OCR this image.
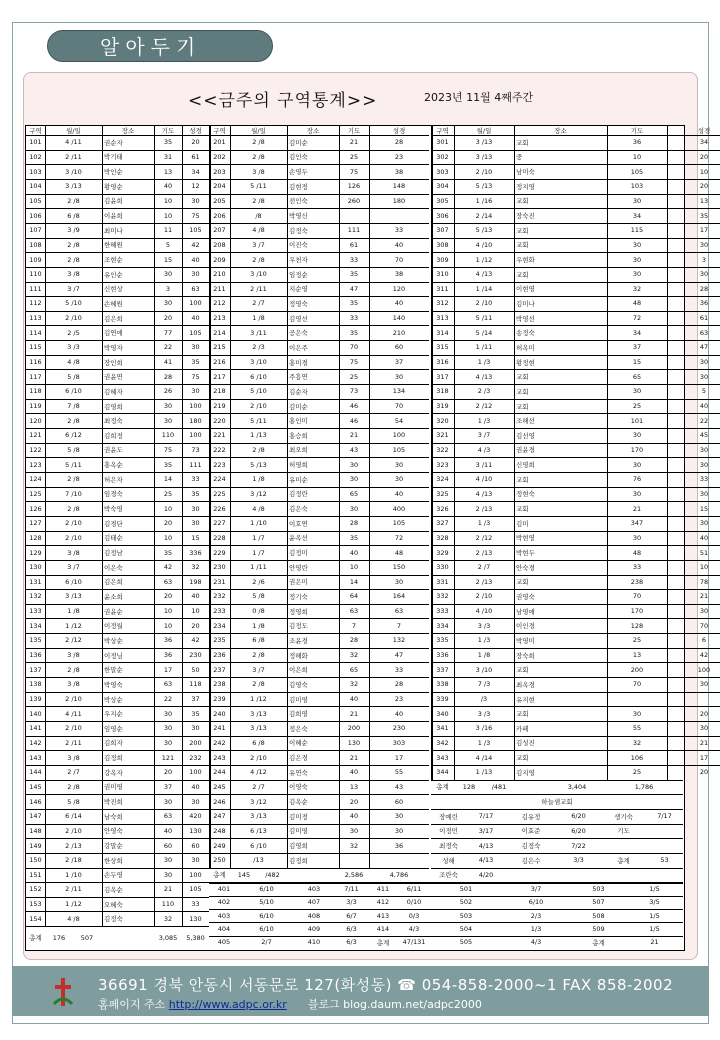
알아두기
<<금주의 구역통계>>	2023년 11월 4째주간
구역	월/일	장소	기도	성경	구역	월/일	장소	기도	성경	구역	월/일	장소	기도	성경
101	4 /11	권순자	35	20
102	2 /11	박기태	31	61
103	3 /10	박인순	13	34
104	3 /13	황영순	40	12
105	2 /8	김윤희	10	30
106	6 /8	이윤희	10	75
107	3 /9	최미나	11	105
108	2 /8	한혜원	5	42
109	2 /8	조현순	15	40
110	3 /8	유인순	30	30
111	3 /7	신현상	3	63
112	5 /10	손혜원	30	100
113	2 /10	김은희	20	40
114	2 /5	김연애	77	105
115	3 /3	박영자	22	30
116	4 /8	장인희	41	35
117	5 /8	권윤연	28	75
118	6 /10	김혜자	26	30
119	7 /8	김영희	30	100
120	2 /8	최정숙	30	180
121	6 /12	김희정	110	100
122	5 /8	권윤도	75	73
123	5 /11	홍옥순	35	111
124	2 /8	허은자	14	33
125	7 /10	임경숙	25	35
126	2 /8	박숙영	10	30
127	2 /10	김경단	20	30
128	2 /10	김태순	10	15
129	3 /8	김정남	35	336
130	3 /7	이은숙	42	32
131	6 /10	김은희	63	198
132	3 /13	윤소희	20	40
133	1 /8	권윤순	10	10
134	1 /12	이정월	10	20
135	2 /12	박상순	36	42
136	3 /8	이정님	36	230
137	2 /8	한말순	17	50
138	3 /8	박영숙	63	118
139	2 /10	박상순	22	37
140	4 /11	우지순	30	35
141	2 /10	임영순	30	30
142	2 /11	김희자	30	200
143	3 /8	김정희	121	232
144	2 /7	강옥자	20	100
145	2 /8	권미영	37	40
146	5 /8	박진희	30	30
147	6 /14	남숙희	63	420
148	2 /10	안영숙	40	130
149	2 /13	강말순	60	60
150	2 /18	한상희	30	30
151	1 /10	손두영	30	100
152	2 /11	김옥순	21	105
153	1 /12	오혜숙	110	33
154	4 /8	김정숙	32	130
201	2 /8	김미순	21	28
202	2 /8	김인숙	25	23
203	3 /8	손영두	75	38
204	5 /11	김현정	126	148
205	2 /8	전인숙	260	180
206	/8	박영신
207	4 /8	김정숙	111	33
208	3 /7	이진숙	61	40
209	2 /8	우천자	33	70
210	3 /10	임정순	35	38
211	2 /11	지순영	47	120
212	2 /7	정영숙	35	40
213	1 /8	김영선	33	140
214	3 /11	공은숙	35	210
215	2 /3	이은주	70	60
216	3 /10	홍미경	75	37
217	6 /10	주흥연	25	30
218	5 /10	김순자	73	134
219	2 /10	김미순	46	70
220	5 /11	홍인미	46	54
221	1 /13	홍승희	21	100
222	2 /8	최오희	43	105
223	5 /13	허영희	30	30
224	1 /8	유미순	30	30
225	3 /12	김정란	65	40
226	4 /8	김은숙	30	400
227	1 /10	이호연	28	105
228	1 /7	윤옥선	35	72
229	1 /7	김정미	40	48
230	1 /11	안영란	10	150
231	2 /6	권은미	14	30
232	5 /8	정기숙	64	164
233	0 /8	정영희	63	63
234	1 /8	김정도	7	7
235	6 /8	조윤경	28	132
236	2 /8	정해화	32	47
237	3 /7	이은희	65	33
238	2 /8	김영숙	32	28
239	1 /12	김미영	40	23
240	3 /13	김희영	21	40
241	3 /13	정은숙	200	230
242	6 /8	이혜순	130	303
243	2 /10	김은경	21	17
244	4 /12	유연숙	40	55
245	2 /7	이영숙	13	43
246	3 /12	김옥순	20	60
247	3 /13	김미정	40	30
248	6 /13	김미영	30	30
249	6 /10	김영희	32	36
250	/13	김정희
301	3 /13	교회	36	34
302	3 /13	중	10	20
303	2 /10	남미숙	105	10
304	5 /13	정지영	103	20
305	1 /16	교회	30	13
306	2 /14	장숙진	34	35
307	5 /13	교회	115	17
308	4 /10	교회	30	30
309	1 /12	우현화	30	3
310	4 /13	교회	30	30
311	1 /14	이현영	32	28
312	2 /10	김미나	48	36
313	5 /11	박영선	72	61
314	5 /14	송정숙	34	63
315	1 /11	허옥미	37	47
316	1 /3	황정현	15	30
317	4 /13	교회	65	30
318	2 /3	교회	30	5
319	2 /12	교회	25	40
320	1 /3	조해선	101	22
321	3 /7	김선영	30	45
322	4 /3	권윤경	170	30
323	3 /11	신영희	30	30
324	4 /10	교회	76	33
325	4 /13	정현숙	30	30
326	2 /13	교회	21	15
327	1 /3	김미	347	30
328	2 /12	박현영	30	40
329	2 /13	박현두	48	51
330	2 /7	안숙경	33	10
331	2 /13	교회	238	78
332	2 /10	권영숙	70	21
333	4 /10	남영애	170	30
334	3 /3	이인경	128	70
335	1 /3	박영미	25	6
336	1 /8	장숙희	13	42
337	3 /10	교회	200	100
338	7 /3	최옥경	70	30
339	/3	유지현
340	3 /3	교회	30	20
341	3 /16	카페	55	30
342	1 /3	김성진	32	21
343	4 /14	교회	106	17
344	1 /13	김지영	25	20
총계	176	507	3,085	5,380
총계	145	/482	2,586	4,786
총계	128	/481	3,404	1,786
하늘샘교회
장예린	7/17	김유정	6/20	생기숙	7/17
이정민	3/17	이효준	6/20	기도
최정숙	4/13	김정숙	7/22
성해	4/13	김은수	3/3	총계	53
조란숙	4/20
401	6/10	403	7/11	411	6/11	501	3/7	503	1/5
402	5/10	407	3/3	412	0/10	502	6/10	507	3/5
403	6/10	408	6/7	413	0/3	503	2/3	508	1/5
404	6/10	409	6/3	414	4/3	504	1/3	509	1/5
405	2/7	410	6/3	총계	47/131	505	4/3	총계	21
36691 경북 안동시 서동문로 127(화성동) ☎ 054-858-2000~1 FAX 858-2002
홈페이지 주소 http://www.adpc.or.kr 블로그 blog.daum.net/adpc2000
